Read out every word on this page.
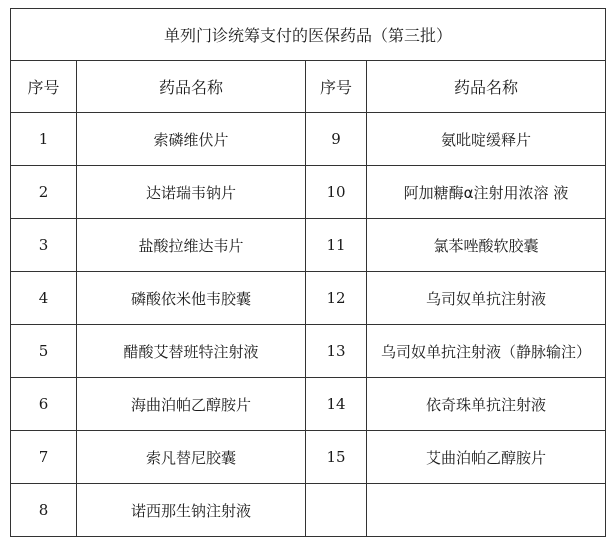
单列门诊统筹支付的医保药品（第三批）			
序号	药品名称	序号	药品名称
1	索磷维伏片	9	氨吡啶缓释片
2	达诺瑞韦钠片	10	阿加糖酶α注射用浓溶 液
3	盐酸拉维达韦片	11	氯苯唑酸软胶囊
4	磷酸依米他韦胶囊	12	乌司奴单抗注射液
5	醋酸艾替班特注射液	13	乌司奴单抗注射液（静脉输注）
6	海曲泊帕乙醇胺片	14	依奇珠单抗注射液
7	索凡替尼胶囊	15	艾曲泊帕乙醇胺片
8	诺西那生钠注射液		
